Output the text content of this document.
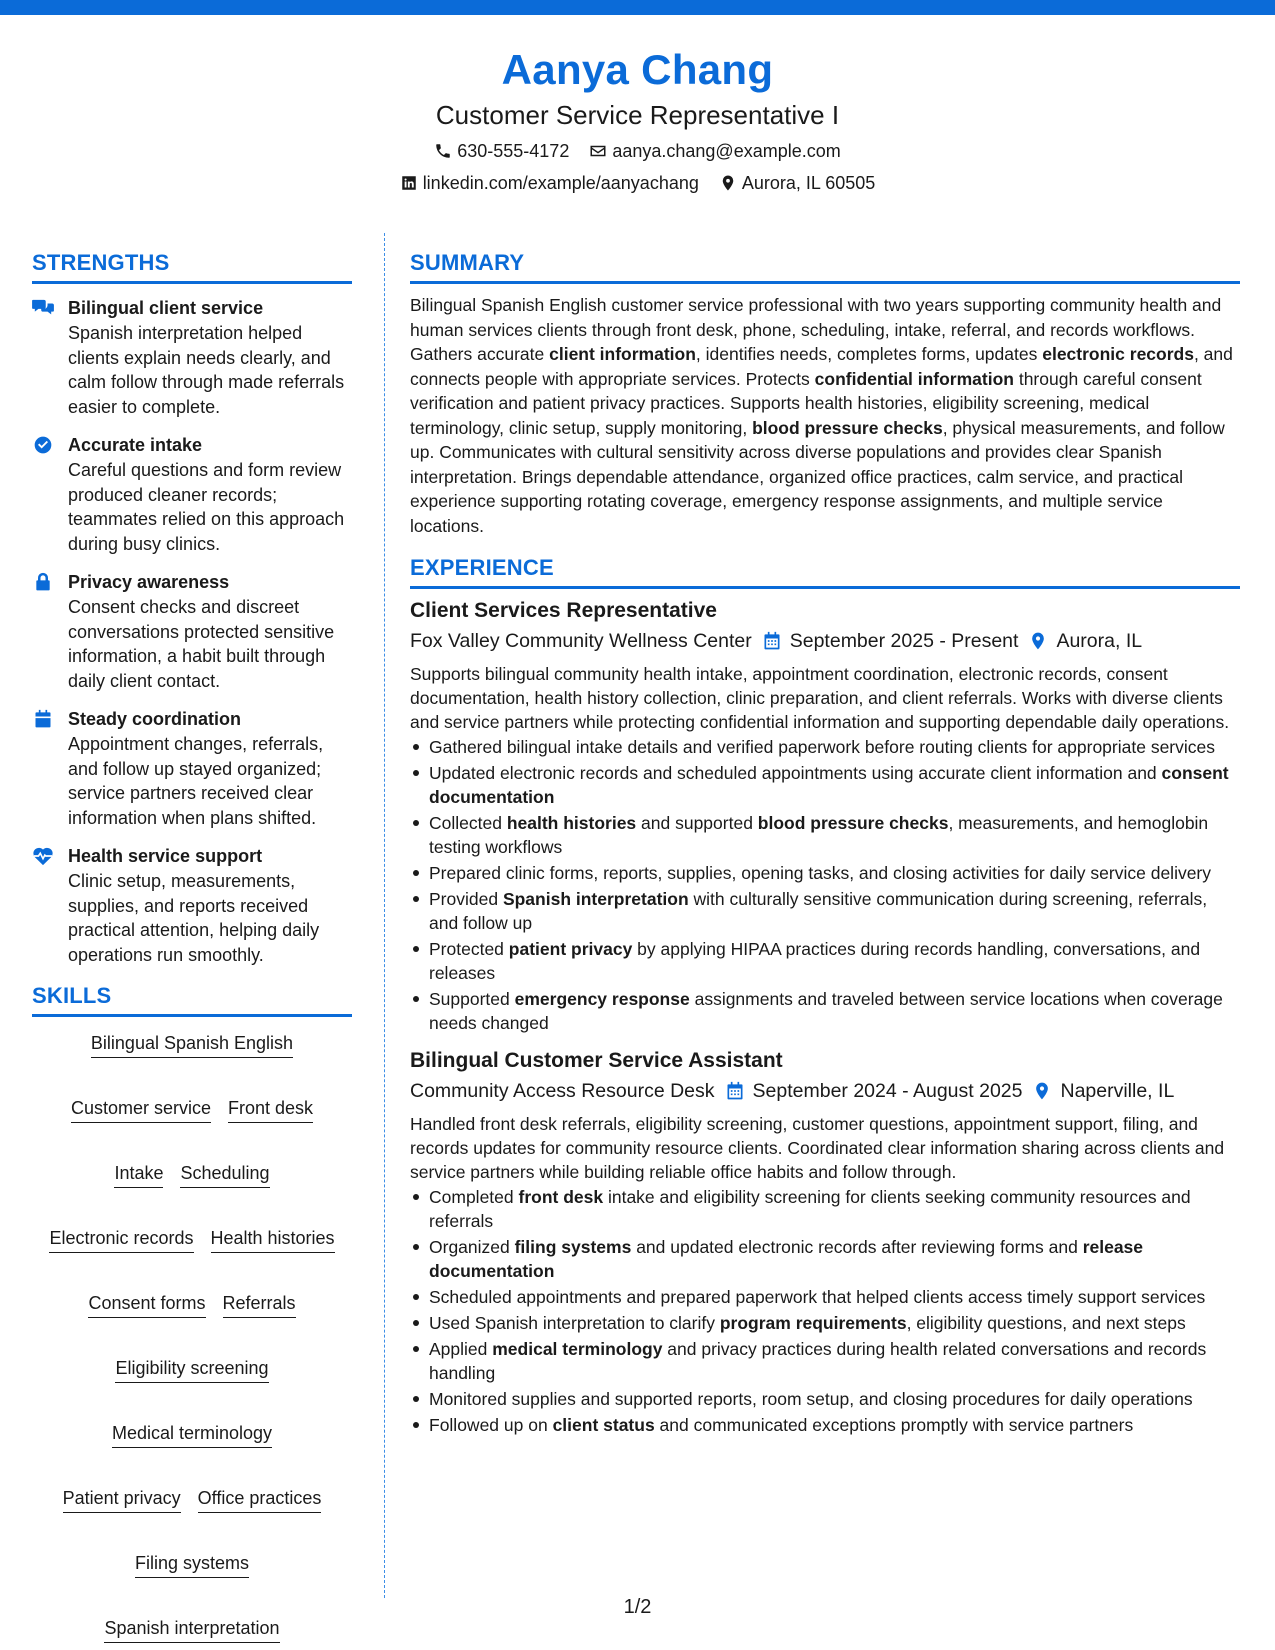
Aanya Chang
Customer Service Representative I
630-555-4172 aanya.chang@example.com
linkedin.com/example/aanyachang Aurora, IL 60505
STRENGTHS
Bilingual client service
Spanish interpretation helped clients explain needs clearly, and calm follow through made referrals easier to complete.
Accurate intake
Careful questions and form review produced cleaner records; teammates relied on this approach during busy clinics.
Privacy awareness
Consent checks and discreet conversations protected sensitive information, a habit built through daily client contact.
Steady coordination
Appointment changes, referrals, and follow up stayed organized; service partners received clear information when plans shifted.
Health service support
Clinic setup, measurements, supplies, and reports received practical attention, helping daily operations run smoothly.
SKILLS
Bilingual Spanish English
Customer service Front desk
Intake Scheduling
Electronic records Health histories
Consent forms Referrals
Eligibility screening
Medical terminology
Patient privacy Office practices
Filing systems
Spanish interpretation
SUMMARY
Bilingual Spanish English customer service professional with two years supporting community health and human services clients through front desk, phone, scheduling, intake, referral, and records workflows. Gathers accurate client information, identifies needs, completes forms, updates electronic records, and connects people with appropriate services. Protects confidential information through careful consent verification and patient privacy practices. Supports health histories, eligibility screening, medical terminology, clinic setup, supply monitoring, blood pressure checks, physical measurements, and follow up. Communicates with cultural sensitivity across diverse populations and provides clear Spanish interpretation. Brings dependable attendance, organized office practices, calm service, and practical experience supporting rotating coverage, emergency response assignments, and multiple service locations.
EXPERIENCE
Client Services Representative
Fox Valley Community Wellness Center September 2025 - Present Aurora, IL
Supports bilingual community health intake, appointment coordination, electronic records, consent documentation, health history collection, clinic preparation, and client referrals. Works with diverse clients and service partners while protecting confidential information and supporting dependable daily operations.
Gathered bilingual intake details and verified paperwork before routing clients for appropriate services
Updated electronic records and scheduled appointments using accurate client information and consent documentation
Collected health histories and supported blood pressure checks, measurements, and hemoglobin testing workflows
Prepared clinic forms, reports, supplies, opening tasks, and closing activities for daily service delivery
Provided Spanish interpretation with culturally sensitive communication during screening, referrals, and follow up
Protected patient privacy by applying HIPAA practices during records handling, conversations, and releases
Supported emergency response assignments and traveled between service locations when coverage needs changed
Bilingual Customer Service Assistant
Community Access Resource Desk September 2024 - August 2025 Naperville, IL
Handled front desk referrals, eligibility screening, customer questions, appointment support, filing, and records updates for community resource clients. Coordinated clear information sharing across clients and service partners while building reliable office habits and follow through.
Completed front desk intake and eligibility screening for clients seeking community resources and referrals
Organized filing systems and updated electronic records after reviewing forms and release documentation
Scheduled appointments and prepared paperwork that helped clients access timely support services
Used Spanish interpretation to clarify program requirements, eligibility questions, and next steps
Applied medical terminology and privacy practices during health related conversations and records handling
Monitored supplies and supported reports, room setup, and closing procedures for daily operations
Followed up on client status and communicated exceptions promptly with service partners
1/2
